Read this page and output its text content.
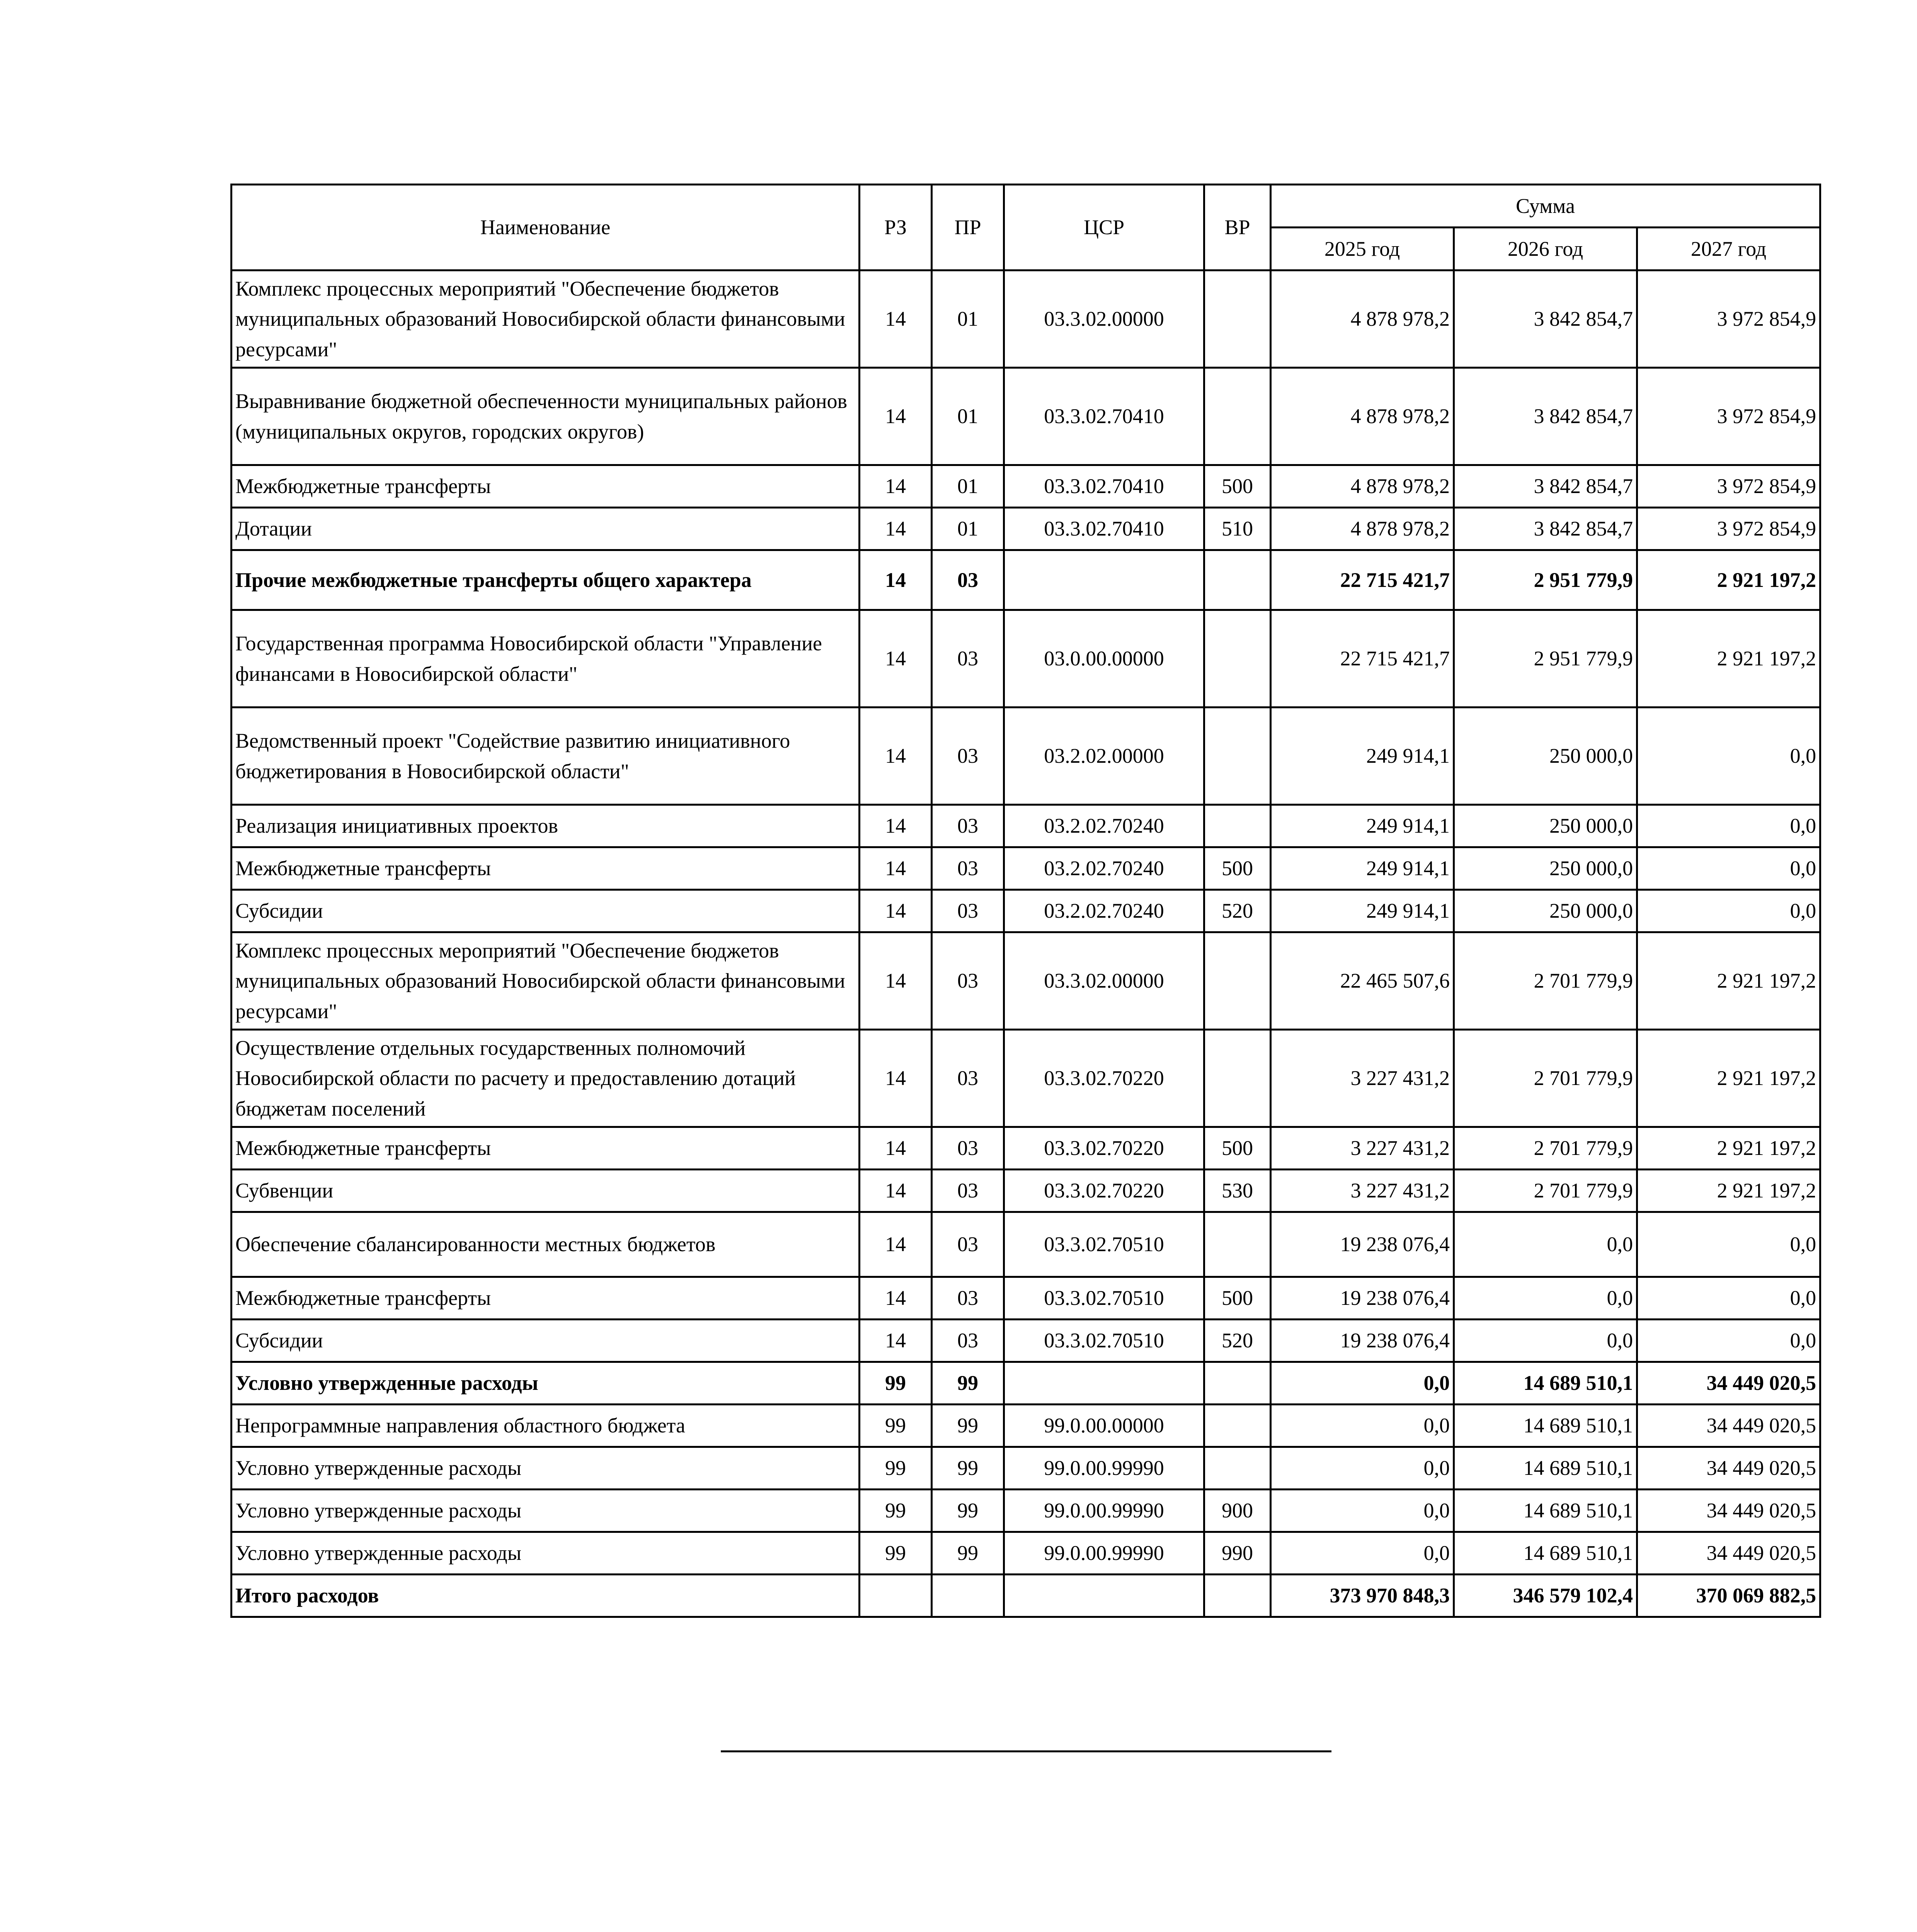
Наименование	РЗ	ПР	ЦСР	ВР	Сумма		
					2025 год	2026 год	2027 год
Комплекс процессных мероприятий "Обеспечение бюджетов муниципальных образований Новосибирской области финансовыми ресурсами"	14	01	03.3.02.00000		4 878 978,2	3 842 854,7	3 972 854,9
Выравнивание бюджетной обеспеченности муниципальных районов (муниципальных округов, городских округов)	14	01	03.3.02.70410		4 878 978,2	3 842 854,7	3 972 854,9
Межбюджетные трансферты	14	01	03.3.02.70410	500	4 878 978,2	3 842 854,7	3 972 854,9
Дотации	14	01	03.3.02.70410	510	4 878 978,2	3 842 854,7	3 972 854,9
Прочие межбюджетные трансферты общего характера	14	03			22 715 421,7	2 951 779,9	2 921 197,2
Государственная программа Новосибирской области "Управление финансами в Новосибирской области"	14	03	03.0.00.00000		22 715 421,7	2 951 779,9	2 921 197,2
Ведомственный проект "Содействие развитию инициативного бюджетирования в Новосибирской области"	14	03	03.2.02.00000		249 914,1	250 000,0	0,0
Реализация инициативных проектов	14	03	03.2.02.70240		249 914,1	250 000,0	0,0
Межбюджетные трансферты	14	03	03.2.02.70240	500	249 914,1	250 000,0	0,0
Субсидии	14	03	03.2.02.70240	520	249 914,1	250 000,0	0,0
Комплекс процессных мероприятий "Обеспечение бюджетов муниципальных образований Новосибирской области финансовыми ресурсами"	14	03	03.3.02.00000		22 465 507,6	2 701 779,9	2 921 197,2
Осуществление отдельных государственных полномочий Новосибирской области по расчету и предоставлению дотаций бюджетам поселений	14	03	03.3.02.70220		3 227 431,2	2 701 779,9	2 921 197,2
Межбюджетные трансферты	14	03	03.3.02.70220	500	3 227 431,2	2 701 779,9	2 921 197,2
Субвенции	14	03	03.3.02.70220	530	3 227 431,2	2 701 779,9	2 921 197,2
Обеспечение сбалансированности местных бюджетов	14	03	03.3.02.70510		19 238 076,4	0,0	0,0
Межбюджетные трансферты	14	03	03.3.02.70510	500	19 238 076,4	0,0	0,0
Субсидии	14	03	03.3.02.70510	520	19 238 076,4	0,0	0,0
Условно утвержденные расходы	99	99			0,0	14 689 510,1	34 449 020,5
Непрограммные направления областного бюджета	99	99	99.0.00.00000		0,0	14 689 510,1	34 449 020,5
Условно утвержденные расходы	99	99	99.0.00.99990		0,0	14 689 510,1	34 449 020,5
Условно утвержденные расходы	99	99	99.0.00.99990	900	0,0	14 689 510,1	34 449 020,5
Условно утвержденные расходы	99	99	99.0.00.99990	990	0,0	14 689 510,1	34 449 020,5
Итого расходов					373 970 848,3	346 579 102,4	370 069 882,5
